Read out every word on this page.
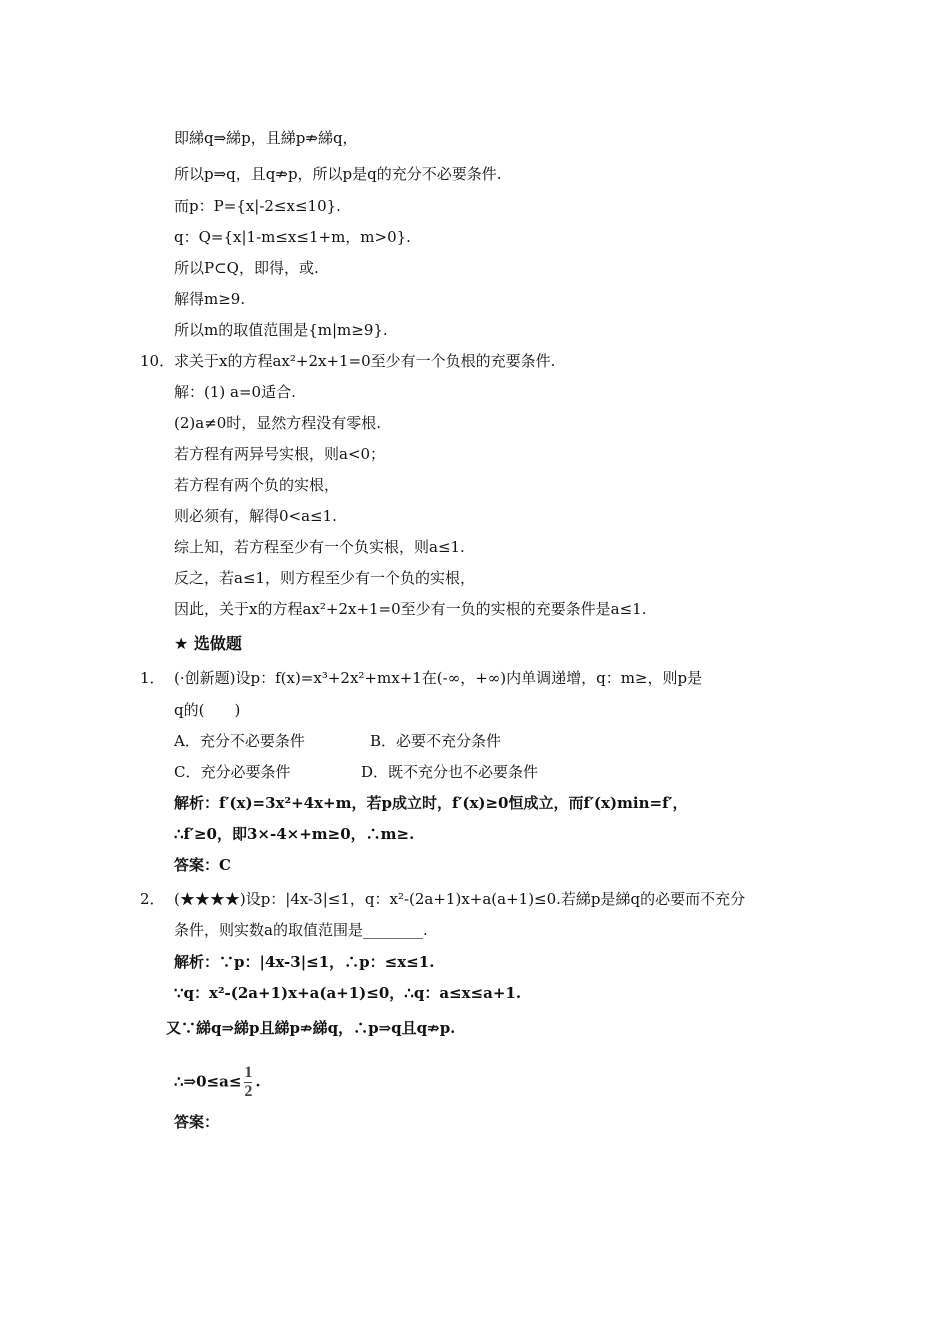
即綈q⇒綈p，且綈p⇏綈q，
所以p⇒q，且q⇏p，所以p是q的充分不必要条件.
而p：P={x|-2≤x≤10}.
q：Q={x|1-m≤x≤1+m，m>0}.
所以P⊂Q，即得，或.
解得m≥9.
所以m的取值范围是{m|m≥9}.
10． 求关于x的方程ax²+2x+1=0至少有一个负根的充要条件.
解：(1) a=0适合.
(2)a≠0时，显然方程没有零根.
若方程有两异号实根，则a<0；
若方程有两个负的实根，
则必须有，解得0<a≤1.
综上知，若方程至少有一个负实根，则a≤1.
反之，若a≤1，则方程至少有一个负的实根，
因此，关于x的方程ax²+2x+1=0至少有一负的实根的充要条件是a≤1.
★ 选做题
1． (·创新题)设p：f(x)=x³+2x²+mx+1在(-∞，+∞)内单调递增，q：m≥，则p是
q的(　　)
A．充分不必要条件	B．必要不充分条件
C．充分必要条件	D．既不充分也不必要条件
解析：f′(x)=3x²+4x+m，若p成立时，f′(x)≥0恒成立，而f′(x)min=f′，
∴f′≥0，即3×-4×+m≥0，∴m≥.
答案：C
2． (★★★★)设p：|4x-3|≤1，q：x²-(2a+1)x+a(a+1)≤0.若綈p是綈q的必要而不充分
条件，则实数a的取值范围是________.
解析：∵p：|4x-3|≤1，∴p：≤x≤1.
∵q：x²-(2a+1)x+a(a+1)≤0，∴q：a≤x≤a+1.
又∵綈q⇒綈p且綈p⇏綈q，∴p⇒q且q⇏p.
∴⇒0≤a≤ $\frac{1}{2}$ .
答案：
